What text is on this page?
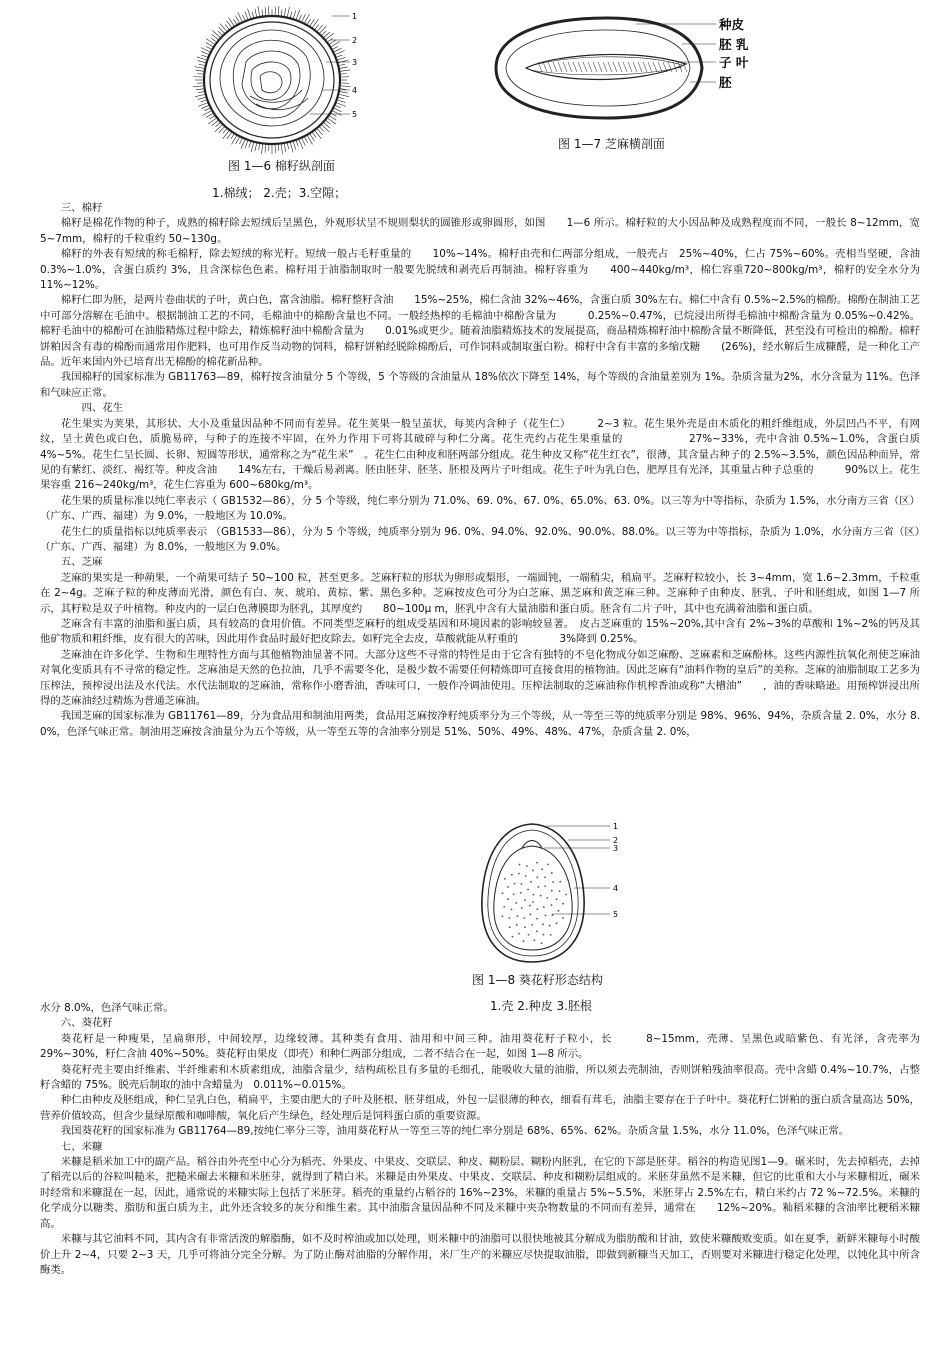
1
2
3
4
5
图 1—6 棉籽纵剖面
1.棉绒； 2.壳；3.空隙；
种皮
胚 乳
子 叶
胚
图 1—7 芝麻横剖面
三、棉籽

棉籽是棉花作物的种子，成熟的棉籽除去短绒后呈黑色，外观形状呈不规则梨状的圆锥形或卵圆形，如图　　1—6 所示。棉籽粒的大小因品种及成熟程度而不同，一般长 8~12mm，宽 5~7mm，棉籽的千粒重约 50~130g。

棉籽的外表有短绒的称毛棉籽，除去短绒的称光籽。短绒一般占毛籽重量的　　10%~14%。棉籽由壳和仁两部分组成，一般壳占　25%~40%，仁占 75%~60%。壳相当坚硬，含油 0.3%~1.0%，含蛋白质约 3%，且含深棕色色素。棉籽用于油脂制取时一般要先脱绒和剥壳后再制油。棉籽容重为　　400~440kg/m³，棉仁容重720~800kg/m³，棉籽的安全水分为 11%~12%。

棉籽仁即为胚，是两片卷曲状的子叶，黄白色，富含油脂。棉籽整籽含油　　15%~25%，棉仁含油 32%~46%，含蛋白质 30%左右。棉仁中含有 0.5%~2.5%的棉酚。棉酚在制油工艺中可部分溶解在毛油中。根据制油工艺的不同，毛棉油中的棉酚含量也不同。一般经热榨的毛棉油中棉酚含量为　　　0.25%~0.47%，已烷浸出所得毛棉油中棉酚含量为 0.05%~0.42%。棉籽毛油中的棉酚可在油脂精炼过程中除去，精炼棉籽油中棉酚含量为　　0.01%或更少。随着油脂精炼技术的发展提高，商品精炼棉籽油中棉酚含量不断降低，甚至没有可检出的棉酚。棉籽饼粕因含有毒的棉酚而通常用作肥料，也可用作反当动物的饲料，棉籽饼粕经脱除棉酚后，可作饲料或制取蛋白粉。棉籽中含有丰富的多缩戊糖　　(26%)，经水解后生成糠醛，是一种化工产品。近年来国内外已培育出无棉酚的棉花新品种。

我国棉籽的国家标准为 GB11763—89，棉籽按含油量分 5 个等级，5 个等级的含油量从 18%依次下降至 14%，每个等级的含油量差别为 1%。杂质含量为2%，水分含量为 11%。色泽和气味应正常。

四、花生

花生果实为荚果，其形状、大小及重量因品种不同而有差异。花生荚果一般呈茧状，每荚内含种子（花生仁）　　　2~3 粒。花生果外壳是由木质化的粗纤维组成，外层凹凸不平，有网纹，呈土黄色或白色，质脆易碎，与种子的连接不牢固，在外力作用下可将其破碎与种仁分离。花生壳约占花生果重量的　　　　　　27%~33%，壳中含油 0.5%~1.0%，含蛋白质 4%~5%。花生仁呈长圆、长卵、短圆等形状，通常称之为“花生米”　。花生仁由种皮和胚两部分组成。花生种皮又称“花生红衣”，很薄，其含量占种子的 2.5%~3.5%，颜色因品种而异，常见的有紫红、淡红、褐红等。种皮含油　　14%左右，干燥后易剥离。胚由胚芽、胚茎、胚根及两片子叶组成。花生子叶为乳白色，肥厚且有光泽，其重量占种子总重的　　　90%以上。花生果容重 216~240kg/m³，花生仁容重为 600~680kg/m³。

花生果的质量标准以纯仁率表示（ GB1532—86），分 5 个等级，纯仁率分别为 71.0%、69. 0%、67. 0%、65.0%、63. 0%。以三等为中等指标，杂质为 1.5%，水分南方三省（区）（广东、广西、福建）为 9.0%，一般地区为 10.0%。

花生仁的质量指标以纯质率表示 （GB1533—86），分为 5 个等级，纯质率分别为 96. 0%、94.0%、92.0%、90.0%、88.0%。以三等为中等指标，杂质为 1.0%，水分南方三省（区）（广东、广西、福建）为 8.0%，一般地区为 9.0%。

五、芝麻

芝麻的果实是一种蒴果，一个蒴果可结子 50~100 粒，甚至更多。芝麻籽粒的形状为卵形或梨形，一端圆钝，一端稍尖，稍扁平。芝麻籽粒较小，长 3~4mm，宽 1.6~2.3mm，千粒重在 2~4g。芝麻子粒的种皮薄而光滑，颜色有白、灰、琥珀、黄棕、紫、黑色多种。芝麻按皮色可分为白芝麻、黑芝麻和黄芝麻三种。芝麻种子由种皮、胚乳、子叶和胚组成，如图 1—7 所示，其籽粒是双子叶植物。种皮内的一层白色薄膜即为胚乳，其厚度约　　80~100μ m，胚乳中含有大量油脂和蛋白质。胚含有二片子叶，其中也充满着油脂和蛋白质。

芝麻含有丰富的油脂和蛋白质，具有较高的食用价值。不同类型芝麻籽的组成受基因和环境因素的影响较显著。　皮占芝麻重的 15%~20%,其中含有 2%~3%的草酸和 1%~2%的钙及其他矿物质和粗纤维，皮有很大的苦味，因此用作食品时最好把皮除去。如籽完全去皮，草酸就能从籽重的　　　　3%降到 0.25%。

芝麻油在许多化学、生物和生理特性方面与其他植物油显著不同。大部分这些不寻常的特性是由于它含有独特的不皂化物成分如芝麻酚、芝麻素和芝麻酚林。这些内源性抗氧化剂使芝麻油对氧化变质具有不寻常的稳定性。芝麻油是天然的色拉油，几乎不需要冬化，是极少数不需要任何精炼即可直接食用的植物油。因此芝麻有“油料作物的皇后”的美称。芝麻的油脂制取工艺多为压榨法，预榨浸出法及水代法。水代法制取的芝麻油，常称作小磨香油，香味可口，一般作冷调油使用。压榨法制取的芝麻油称作机榨香油或称“大槽油”　　，油的香味略逊。用预榨饼浸出所得的芝麻油经过精炼为普通芝麻油。

我国芝麻的国家标准为 GB11761—89，分为食品用和制油用两类，食品用芝麻按净籽纯质率分为三个等级，从一等至三等的纯质率分别是 98%、96%、94%，杂质含量 2. 0%，水分 8. 0%，色泽气味正常。制油用芝麻按含油量分为五个等级，从一等至五等的含油率分别是 51%、50%、49%、48%、47%，杂质含量 2. 0%，

1
2
3
4
5
图 1—8 葵花籽形态结构
1.壳 2.种皮 3.胚根

水分 8.0%，色泽气味正常。

六、葵花籽

葵花籽是一种瘦果，呈扁卵形，中间较厚，边缘较薄。其种类有食用、油用和中间三种。油用葵花籽子粒小，长　　　8~15mm，壳薄、呈黑色或暗紫色、有光泽，含壳率为 29%~30%，籽仁含油 40%~50%。葵花籽由果皮（即壳）和种仁两部分组成，二者不结合在一起，如图 1—8 所示。

葵花籽壳主要由纤维素、半纤维素和木质素组成，油脂含量少，结构疏松且有多量的毛细孔，能吸收大量的油脂，所以须去壳制油，否则饼粕残油率很高。壳中含蜡 0.4%~10.7%，占整籽含蜡的 75%。脱壳后制取的油中含蜡量为　0.011%~0.015%。

种仁由种皮及胚组成，种仁呈乳白色，稍扁平，主要由肥大的子叶及胚根、胚芽组成，外包一层很薄的种衣，细看有茸毛，油脂主要存在于子叶中。葵花籽仁饼粕的蛋白质含量高达 50%，营养价值较高，但含少量绿原酸和咖啡酸，氧化后产生绿色，经处理后是饲料蛋白质的重要资源。

我国葵花籽的国家标准为 GB11764—89,按纯仁率分三等，油用葵花籽从一等至三等的纯仁率分别是 68%、65%、62%。杂质含量 1.5%，水分 11.0%，色泽气味正常。

七、米糠

米糠是稻米加工中的副产品。稻谷由外壳至中心分为稻壳、外果皮、中果皮、交联层、种皮、糊粉层、糊粉内胚乳，在它的下部是胚芽。稻谷的构造见图1—9。碾米时，先去掉稻壳，去掉了稻壳以后的谷粒叫糙米，把糙米碾去米糠和米胚芽，就得到了精白米。米糠是由外果皮、中果皮、交联层、种皮和糊粉层组成的。米胚芽虽然不是米糠，但它的比重和大小与米糠相近，碾米时经常和米糠混在一起，因此，通常说的米糠实际上包括了米胚芽。稻壳的重量约占稻谷的 16%~23%，米糠的重量占 5%~5.5%，米胚芽占 2.5%左右，精白米约占 72 %~72.5%。米糠的化学成分以糖类、脂肪和蛋白质为主，此外还含较多的灰分和维生素。其中油脂含量因品种不同及米糠中夹杂物数量的不同而有差异，通常在　　12%~20%。籼稻米糠的含油率比粳稻米糠高。

米糠与其它油料不同，其内含有非常活泼的解脂酶，如不及时榨油或加以处理，则米糠中的油脂可以很快地被其分解成为脂肪酸和甘油，致使米糠酸败变质。如在夏季，新鲜米糠每小时酸价上升 2~4，只要 2~3 天，几乎可将油分完全分解。为了防止酶对油脂的分解作用，米厂生产的米糠应尽快提取油脂，即做到新糠当天加工，否则要对米糠进行稳定化处理，以钝化其中所含酶类。
